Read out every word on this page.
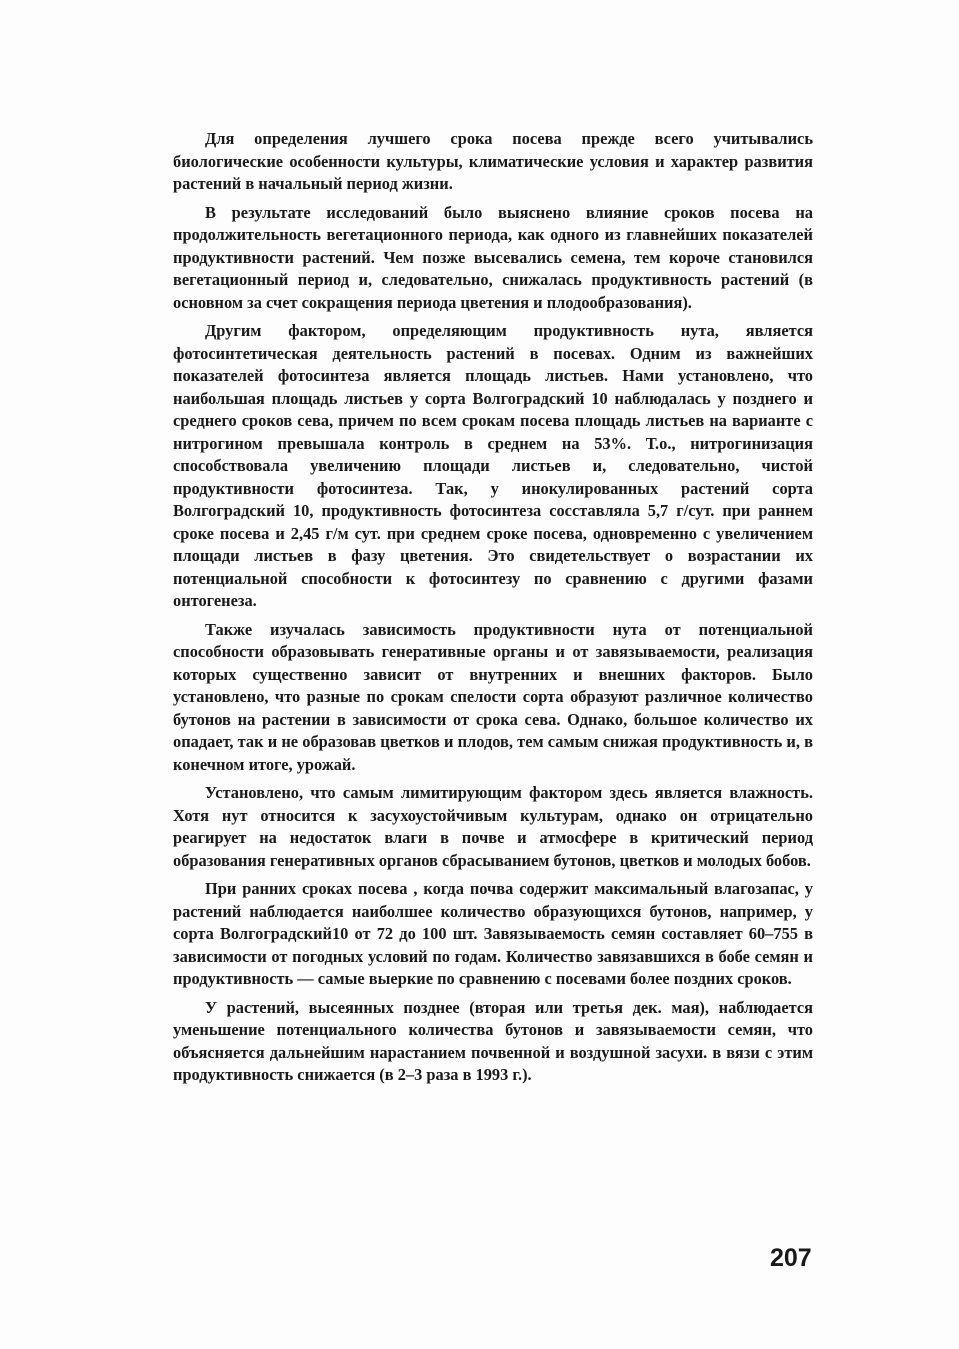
Для определения лучшего срока посева прежде всего учитывались биологические особенности культуры, климатические условия и характер развития растений в начальный период жизни.

В результате исследований было выяснено влияние сроков посева на продолжительность вегетационного периода, как одного из главнейших показателей продуктивности растений. Чем позже высевались семена, тем короче становился вегетационный период и, следовательно, снижалась продуктивность растений (в основном за счет сокращения периода цветения и плодообразования).

Другим фактором, определяющим продуктивность нута, является фотосинтетическая деятельность растений в посевах. Одним из важнейших показателей фотосинтеза является площадь листьев. Нами установлено, что наибольшая площадь листьев у сорта Волгоградский 10 наблюдалась у позднего и среднего сроков сева, причем по всем срокам посева площадь листьев на варианте с нитрогином превышала контроль в среднем на 53%. Т.о., нитрогинизация способствовала увеличению площади листьев и, следовательно, чистой продуктивности фотосинтеза. Так, у инокулированных растений сорта Волгоградский 10, продуктивность фотосинтеза сосставляла 5,7 г/сут. при раннем сроке посева и 2,45 г/м сут. при среднем сроке посева, одновременно с увеличением площади листьев в фазу цветения. Это свидетельствует о возрастании их потенциальной способности к фотосинтезу по сравнению с другими фазами онтогенеза.

Также изучалась зависимость продуктивности нута от потенциальной способности образовывать генеративные органы и от завязываемости, реализация которых существенно зависит от внутренних и внешних факторов. Было установлено, что разные по срокам спелости сорта образуют различное количество бутонов на растении в зависимости от срока сева. Однако, большое количество их опадает, так и не образовав цветков и плодов, тем самым снижая продуктивность и, в конечном итоге, урожай.

Установлено, что самым лимитирующим фактором здесь является влажность. Хотя нут относится к засухоустойчивым культурам, однако он отрицательно реагирует на недостаток влаги в почве и атмосфере в критический период образования генеративных органов сбрасыванием бутонов, цветков и молодых бобов.

При ранних сроках посева , когда почва содержит максимальный влагозапас, у растений наблюдается наиболшее количество образующихся бутонов, например, у сорта Волгоградский10 от 72 до 100 шт. Завязываемость семян составляет 60–755 в зависимости от погодных условий по годам. Количество завязавшихся в бобе семян и продуктивность — самые выеркие по сравнению с посевами более поздних сроков.

У растений, высеянных позднее (вторая или третья дек. мая), наблюдается уменьшение потенциального количества бутонов и завязываемости семян, что объясняется дальнейшим нарастанием почвенной и воздушной засухи. в вязи с этим продуктивность снижается (в 2–3 раза в 1993 г.).

207
